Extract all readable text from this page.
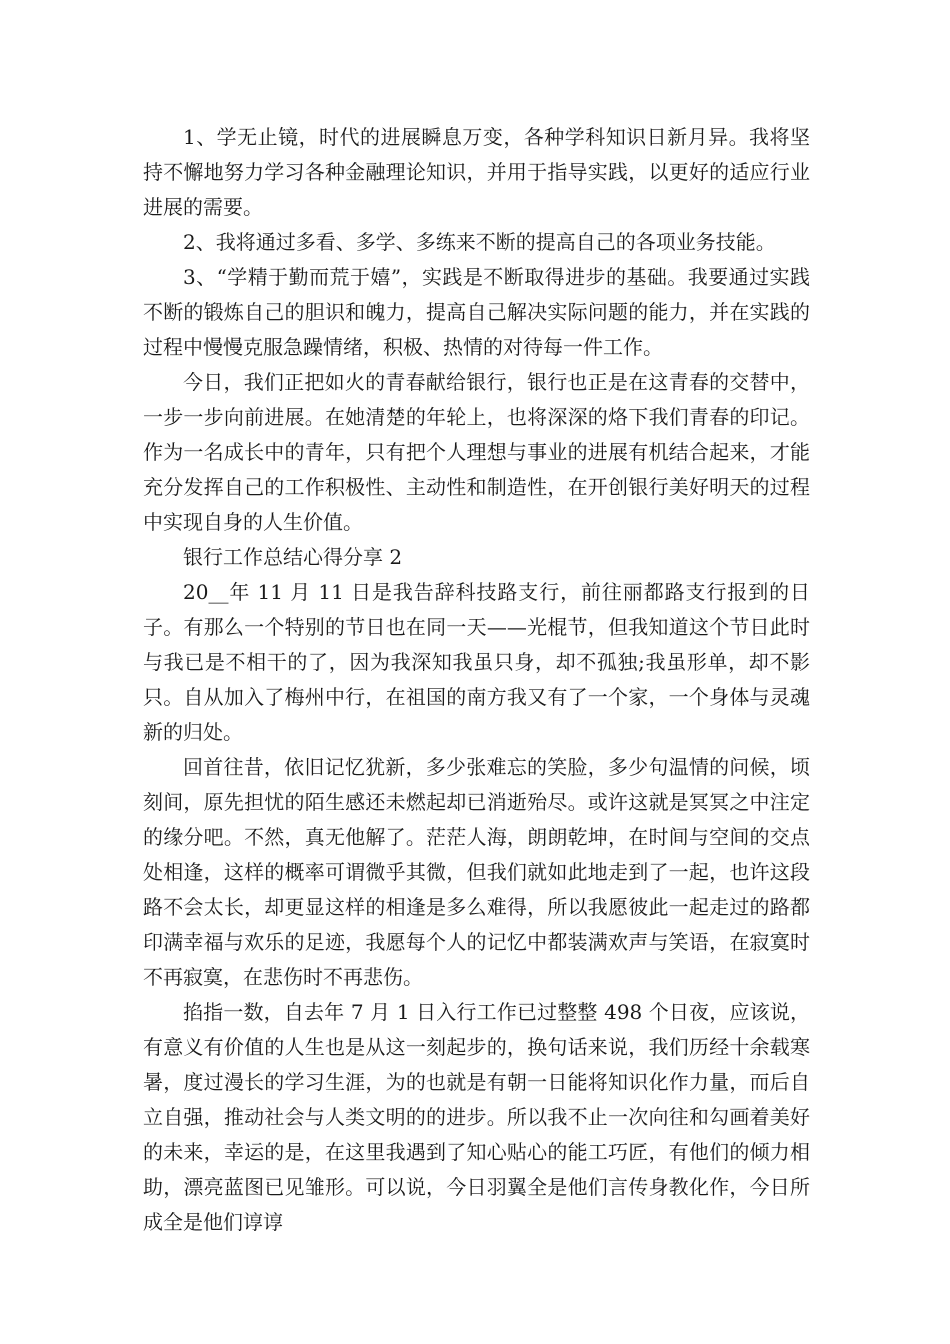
1、学无止镜，时代的进展瞬息万变，各种学科知识日新月异。我将坚持不懈地努力学习各种金融理论知识，并用于指导实践，以更好的适应行业进展的需要。

2、我将通过多看、多学、多练来不断的提高自己的各项业务技能。

3、“学精于勤而荒于嬉”，实践是不断取得进步的基础。我要通过实践不断的锻炼自己的胆识和魄力，提高自己解决实际问题的能力，并在实践的过程中慢慢克服急躁情绪，积极、热情的对待每一件工作。

今日，我们正把如火的青春献给银行，银行也正是在这青春的交替中，一步一步向前进展。在她清楚的年轮上，也将深深的烙下我们青春的印记。作为一名成长中的青年，只有把个人理想与事业的进展有机结合起来，才能充分发挥自己的工作积极性、主动性和制造性，在开创银行美好明天的过程中实现自身的人生价值。

银行工作总结心得分享 2

20__年 11 月 11 日是我告辞科技路支行，前往丽都路支行报到的日子。有那么一个特别的节日也在同一天——光棍节，但我知道这个节日此时与我已是不相干的了，因为我深知我虽只身，却不孤独;我虽形单，却不影只。自从加入了梅州中行，在祖国的南方我又有了一个家，一个身体与灵魂新的归处。

回首往昔，依旧记忆犹新，多少张难忘的笑脸，多少句温情的问候，顷刻间，原先担忧的陌生感还未燃起却已消逝殆尽。或许这就是冥冥之中注定的缘分吧。不然，真无他解了。茫茫人海，朗朗乾坤，在时间与空间的交点处相逢，这样的概率可谓微乎其微，但我们就如此地走到了一起，也许这段路不会太长，却更显这样的相逢是多么难得，所以我愿彼此一起走过的路都印满幸福与欢乐的足迹，我愿每个人的记忆中都装满欢声与笑语，在寂寞时不再寂寞，在悲伤时不再悲伤。

掐指一数，自去年 7 月 1 日入行工作已过整整 498 个日夜，应该说，有意义有价值的人生也是从这一刻起步的，换句话来说，我们历经十余载寒暑，度过漫长的学习生涯，为的也就是有朝一日能将知识化作力量，而后自立自强，推动社会与人类文明的的进步。所以我不止一次向往和勾画着美好的未来，幸运的是，在这里我遇到了知心贴心的能工巧匠，有他们的倾力相助，漂亮蓝图已见雏形。可以说，今日羽翼全是他们言传身教化作，今日所成全是他们谆谆
